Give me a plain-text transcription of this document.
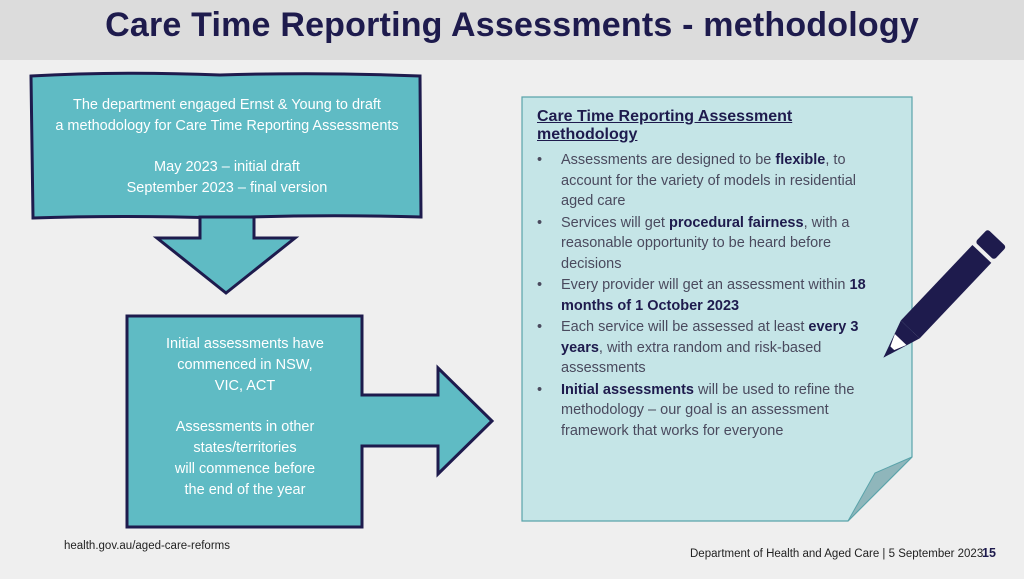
Care Time Reporting Assessments - methodology

The department engaged Ernst & Young to draft

a methodology for Care Time Reporting Assessments

May 2023 – initial draft

September 2023 – final version

Initial assessments have

commenced in NSW,

VIC, ACT

Assessments in other

states/territories

will commence before

the end of the year

Care Time Reporting Assessment methodology
• Assessments are designed to be flexible, to account for the variety of models in residential aged care
• Services will get procedural fairness, with a reasonable opportunity to be heard before decisions
• Every provider will get an assessment within 18 months of 1 October 2023
• Each service will be assessed at least every 3 years, with extra random and risk-based assessments
• Initial assessments will be used to refine the methodology – our goal is an assessment framework that works for everyone
health.gov.au/aged-care-reforms
Department of Health and Aged Care | 5 September 2023
15
